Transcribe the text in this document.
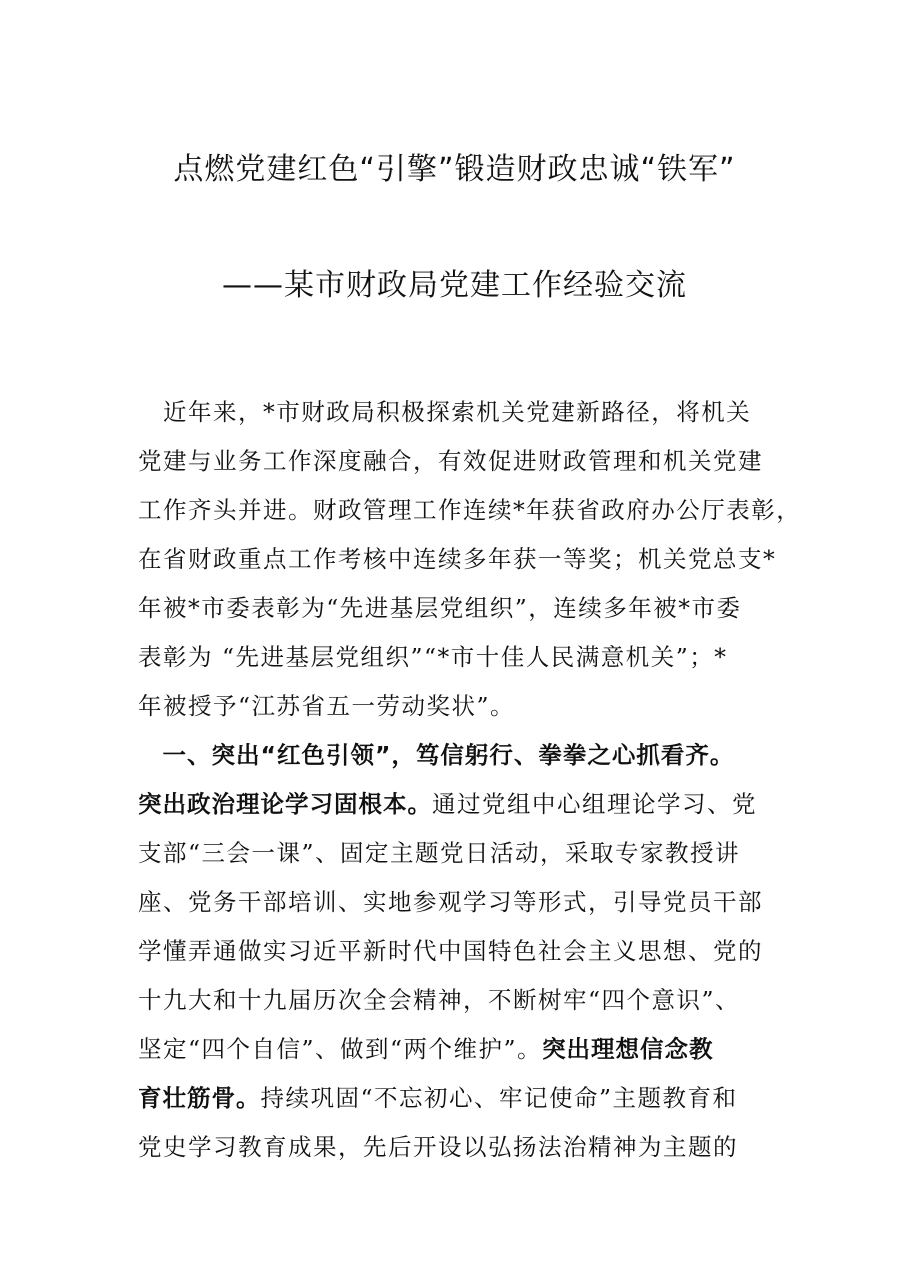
点燃党建红色“引擎”锻造财政忠诚“铁军”
——某市财政局党建工作经验交流
　近年来，*市财政局积极探索机关党建新路径，将机关
党建与业务工作深度融合，有效促进财政管理和机关党建
工作齐头并进。财政管理工作连续*年获省政府办公厅表彰，
在省财政重点工作考核中连续多年获一等奖；机关党总支*
年被*市委表彰为“先进基层党组织”，连续多年被*市委
表彰为 “先进基层党组织”“*市十佳人民满意机关”；*
年被授予“江苏省五一劳动奖状”。
　一、突出“红色引领”，笃信躬行、拳拳之心抓看齐。
突出政治理论学习固根本。通过党组中心组理论学习、党
支部“三会一课”、固定主题党日活动，采取专家教授讲
座、党务干部培训、实地参观学习等形式，引导党员干部
学懂弄通做实习近平新时代中国特色社会主义思想、党的
十九大和十九届历次全会精神，不断树牢“四个意识”、
坚定“四个自信”、做到“两个维护”。突出理想信念教
育壮筋骨。持续巩固“不忘初心、牢记使命”主题教育和
党史学习教育成果，先后开设以弘扬法治精神为主题的
